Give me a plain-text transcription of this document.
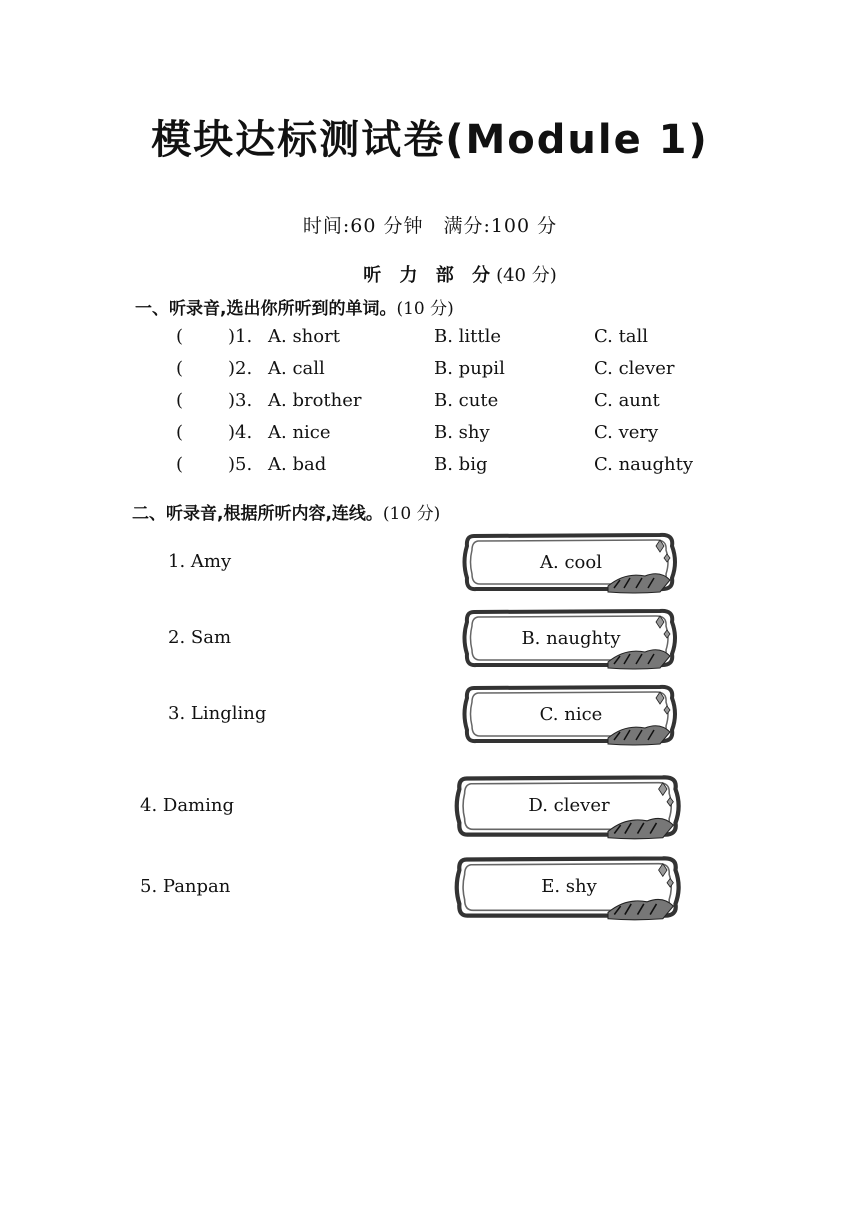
模块达标测试卷(Module 1)
时间:60 分钟　满分:100 分
听 力 部 分(40 分)
一、听录音,选出你所听到的单词。(10 分)
( )1. A. short	B. little	C. tall
( )2. A. call	B. pupil	C. clever
( )3. A. brother	B. cute	C. aunt
( )4. A. nice	B. shy	C. very
( )5. A. bad	B. big	C. naughty
二、听录音,根据所听内容,连线。(10 分)
1. Amy
2. Sam
3. Lingling
4. Daming
5. Panpan
A. cool
B. naughty
C. nice
D. clever
E. shy
